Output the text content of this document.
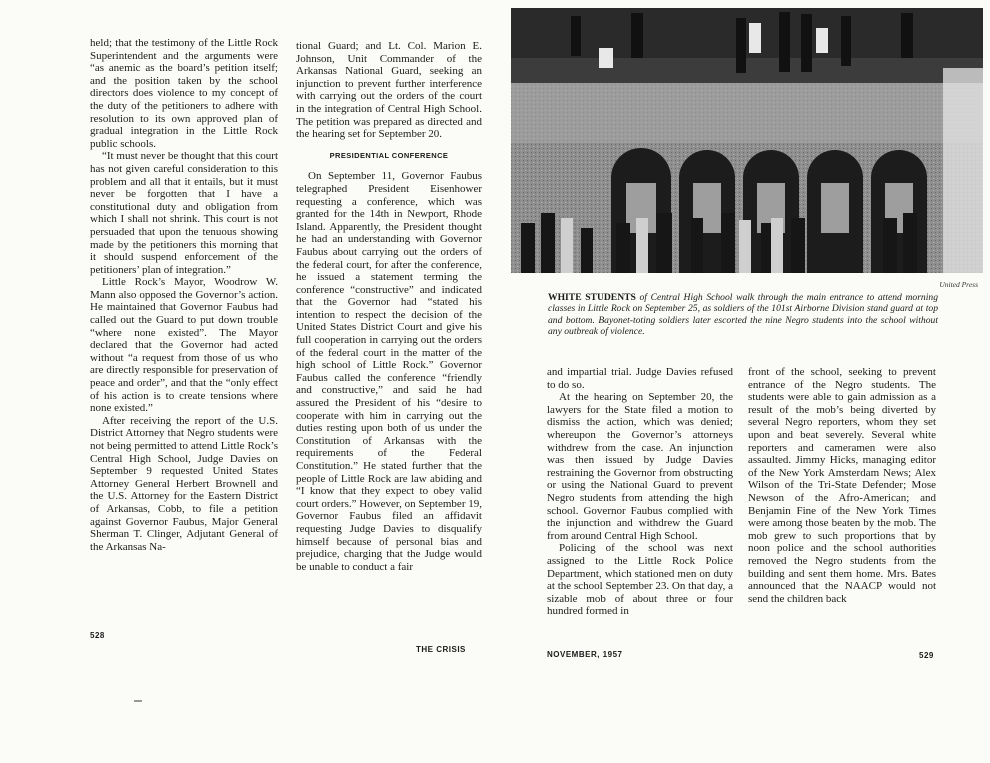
held; that the testimony of the Little Rock Superintendent and the arguments were “as anemic as the board’s petition itself; and the position taken by the school directors does violence to my concept of the duty of the petitioners to adhere with resolution to its own approved plan of gradual integration in the Little Rock public schools.

“It must never be thought that this court has not given careful consideration to this problem and all that it entails, but it must never be forgotten that I have a constitutional duty and obligation from which I shall not shrink. This court is not persuaded that upon the tenuous showing made by the petitioners this morning that it should suspend enforcement of the petitioners’ plan of integration.”

Little Rock’s Mayor, Woodrow W. Mann also opposed the Governor’s action. He maintained that Governor Faubus had called out the Guard to put down trouble “where none existed”. The Mayor declared that the Governor had acted without “a request from those of us who are directly responsible for preservation of peace and order”, and that the “only effect of his action is to create tensions where none existed.”

After receiving the report of the U.S. District Attorney that Negro students were not being permitted to attend Little Rock’s Central High School, Judge Davies on September 9 requested United States Attorney General Herbert Brownell and the U.S. Attorney for the Eastern District of Arkansas, Cobb, to file a petition against Governor Faubus, Major General Sherman T. Clinger, Adjutant General of the Arkansas Na-

tional Guard; and Lt. Col. Marion E. Johnson, Unit Commander of the Arkansas National Guard, seeking an injunction to prevent further interference with carrying out the orders of the court in the integration of Central High School. The petition was prepared as directed and the hearing set for September 20.

PRESIDENTIAL CONFERENCE

On September 11, Governor Faubus telegraphed President Eisenhower requesting a conference, which was granted for the 14th in Newport, Rhode Island. Apparently, the President thought he had an understanding with Governor Faubus about carrying out the orders of the federal court, for after the conference, he issued a statement terming the conference “constructive” and indicated that the Governor had “stated his intention to respect the decision of the United States District Court and give his full cooperation in carrying out the orders of the federal court in the matter of the high school of Little Rock.” Governor Faubus called the conference “friendly and constructive,” and said he had assured the President of his “desire to cooperate with him in carrying out the duties resting upon both of us under the Constitution of Arkansas with the requirements of the Federal Constitution.” He stated further that the people of Little Rock are law abiding and “I know that they expect to obey valid court orders.” However, on September 19, Governor Faubus filed an affidavit requesting Judge Davies to disqualify himself because of personal bias and prejudice, charging that the Judge would be unable to conduct a fair

528
THE CRISIS
United Press
WHITE STUDENTS of Central High School walk through the main entrance to attend morning classes in Little Rock on September 25, as soldiers of the 101st Airborne Division stand guard at top and bottom. Bayonet-toting soldiers later escorted the nine Negro students into the school without any outbreak of violence.

and impartial trial. Judge Davies refused to do so.

At the hearing on September 20, the lawyers for the State filed a motion to dismiss the action, which was denied; whereupon the Governor’s attorneys withdrew from the case. An injunction was then issued by Judge Davies restraining the Governor from obstructing or using the National Guard to prevent Negro students from attending the high school. Governor Faubus complied with the injunction and withdrew the Guard from around Central High School.

Policing of the school was next assigned to the Little Rock Police Department, which stationed men on duty at the school September 23. On that day, a sizable mob of about three or four hundred formed in

front of the school, seeking to prevent entrance of the Negro students. The students were able to gain admission as a result of the mob’s being diverted by several Negro reporters, whom they set upon and beat severely. Several white reporters and cameramen were also assaulted. Jimmy Hicks, managing editor of the New York Amsterdam News; Alex Wilson of the Tri-State Defender; Mose Newson of the Afro-American; and Benjamin Fine of the New York Times were among those beaten by the mob. The mob grew to such proportions that by noon police and the school authorities removed the Negro students from the building and sent them home. Mrs. Bates announced that the NAACP would not send the children back

NOVEMBER, 1957	529
